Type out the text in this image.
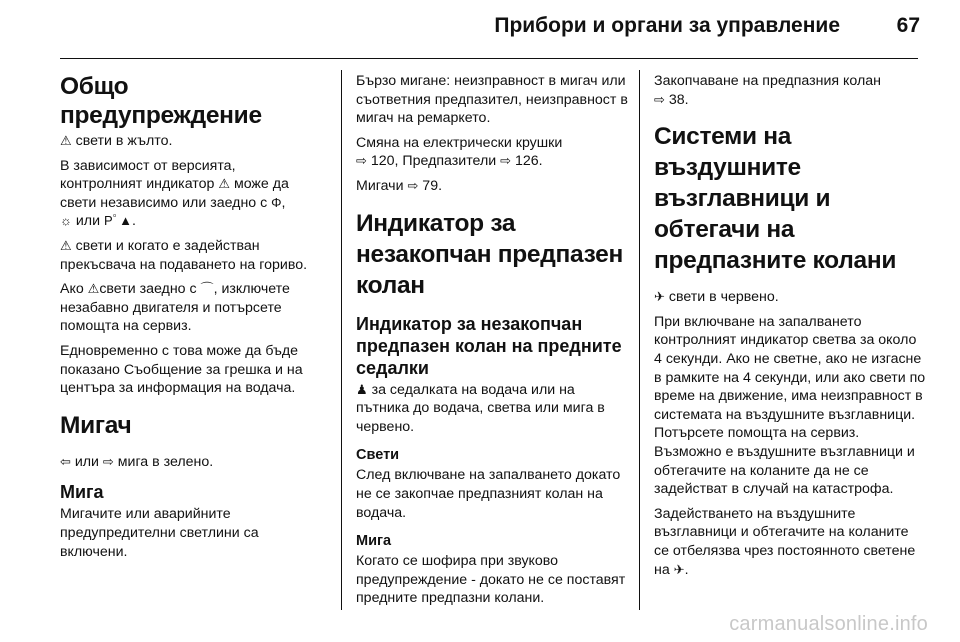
Прибори и органи за управление	67
Общо предупреждение

⚠ свети в жълто.

В зависимост от версията,
контролният индикатор ⚠ може да
свети независимо или заедно с Φ,
☼ или Pﾟ▲.

⚠ свети и когато е задействан прекъсвача на подаването на гориво.

Ако ⚠свети заедно с ⌒, изключете незабавно двигателя и потърсете помощта на сервиз.

Едновременно с това може да бъде показано Съобщение за грешка и на центъра за информация на водача.

Мигач

⇦ или ⇨ мига в зелено.

Мига

Мигачите или аварийните предупредителни светлини са включени.

Бързо мигане: неизправност в мигач или съответния предпазител, неизправност в мигач на ремаркето.

Смяна на електрически крушки
⇨ 120, Предпазители ⇨ 126.

Мигачи ⇨ 79.

Индикатор за незакопчан предпазен колан
Индикатор за незакопчан предпазен колан на предните седалки

♟ за седалката на водача или на пътника до водача, светва или мига в червено.

Свети

След включване на запалването докато не се закопчае предпазният колан на водача.

Мига

Когато се шофира при звуково предупреждение - докато не се поставят предните предпазни колани.

Закопчаване на предпазния колан
⇨ 38.

Системи на въздушните възглавници и обтегачи на предпазните колани

✈ свети в червено.

При включване на запалването контролният индикатор светва за около 4 секунди. Ако не светне, ако не изгасне в рамките на 4 секунди, или ако свети по време на движение, има неизправност в системата на въздушните възглавници. Потърсете помощта на сервиз. Възможно е въздушните възглавници и обтегачите на коланите да не се задействат в случай на катастрофа.

Задействането на въздушните възглавници и обтегачите на коланите се отбелязва чрез постоянното светене на ✈.

carmanualsonline.info
